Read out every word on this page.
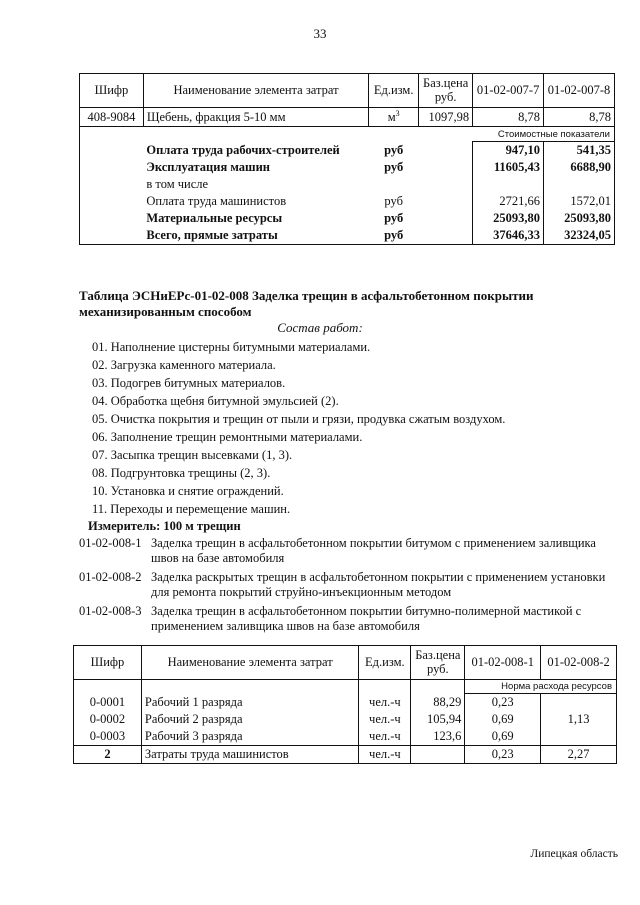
33
Шифр	Наименование элемента затрат	Ед.изм.	Баз.цена руб.	01-02-007-7	01-02-007-8
408-9084	Щебень, фракция 5-10 мм	$м^3$	1097,98	8,78	8,78
				Стоимостные показатели	
	Оплата труда рабочих-строителей	руб		947,10	541,35
	Эксплуатация машин	руб		11605,43	6688,90
	в том числе				
	Оплата труда машинистов	руб		2721,66	1572,01
	Материальные ресурсы	руб		25093,80	25093,80
	Всего, прямые затраты	руб		37646,33	32324,05
Таблица ЭСНиЕРс-01-02-008 Заделка трещин в асфальтобетонном покрытии механизированным способом
Состав работ:
01. Наполнение цистерны битумными материалами.
02. Загрузка каменного материала.
03. Подогрев битумных материалов.
04. Обработка щебня битумной эмульсией (2).
05. Очистка покрытия и трещин от пыли и грязи, продувка сжатым воздухом.
06. Заполнение трещин ремонтными материалами.
07. Засыпка трещин высевками (1, 3).
08. Подгрунтовка трещины (2, 3).
10. Установка и снятие ограждений.
11. Переходы и перемещение машин.
Измеритель: 100 м трещин
01-02-008-1 Заделка трещин в асфальтобетонном покрытии битумом с применением заливщика швов на базе автомобиля
01-02-008-2 Заделка раскрытых трещин в асфальтобетонном покрытии с применением установки для ремонта покрытий струйно-инъекционным методом
01-02-008-3 Заделка трещин в асфальтобетонном покрытии битумно-полимерной мастикой с применением заливщика швов на базе автомобиля
Шифр	Наименование элемента затрат	Ед.изм.	Баз.цена руб.	01-02-008-1	01-02-008-2
				Норма расхода ресурсов	
0-0001	Рабочий 1 разряда	чел.-ч	88,29	0,23	
0-0002	Рабочий 2 разряда	чел.-ч	105,94	0,69	1,13
0-0003	Рабочий 3 разряда	чел.-ч	123,6	0,69	
2	Затраты труда машинистов	чел.-ч		0,23	2,27
Липецкая область
